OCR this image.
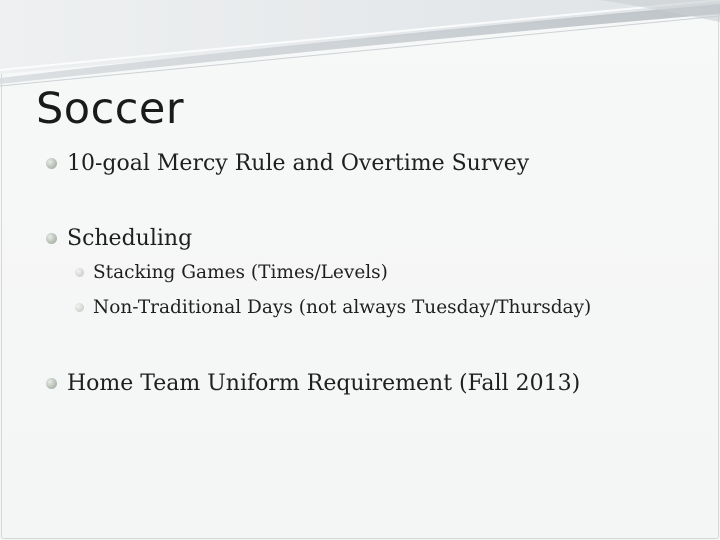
Soccer
10-goal Mercy Rule and Overtime Survey
Scheduling
Stacking Games (Times/Levels)
Non-Traditional Days (not always Tuesday/Thursday)
Home Team Uniform Requirement (Fall 2013)
